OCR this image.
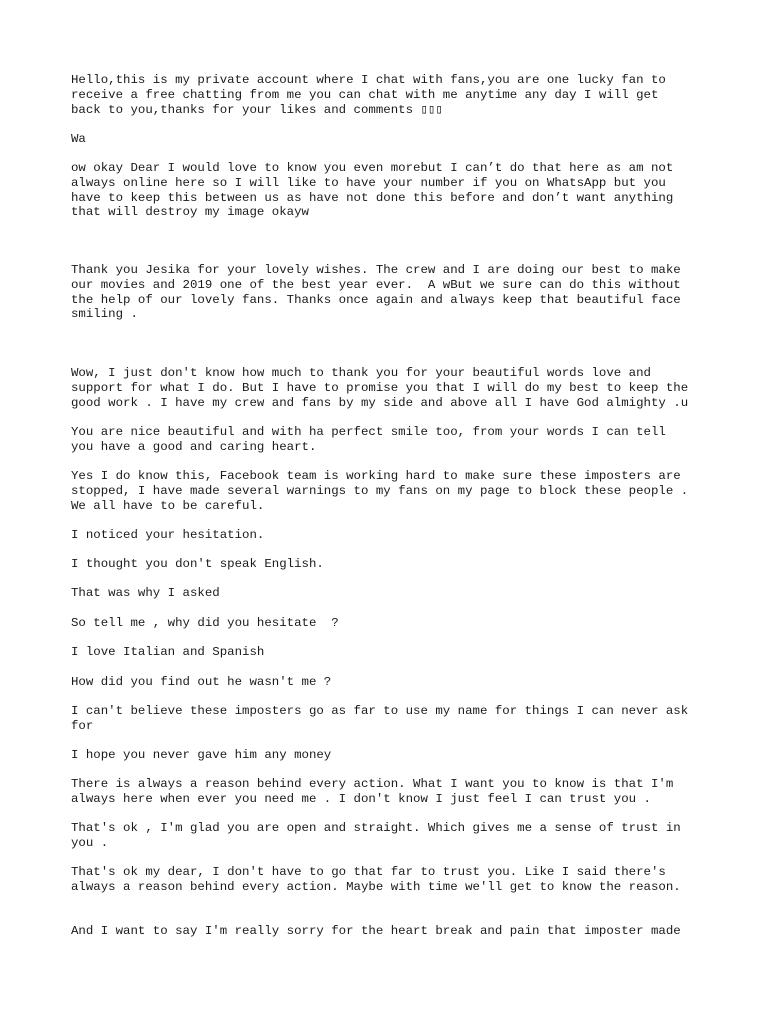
Hello,this is my private account where I chat with fans,you are one lucky fan to
receive a free chatting from me you can chat with me anytime any day I will get
back to you,thanks for your likes and comments ▯▯▯

Wa

ow okay Dear I would love to know you even morebut I can’t do that here as am not
always online here so I will like to have your number if you on WhatsApp but you
have to keep this between us as have not done this before and don’t want anything
that will destroy my image okayw

Thank you Jesika for your lovely wishes. The crew and I are doing our best to make
our movies and 2019 one of the best year ever.  A wBut we sure can do this without
the help of our lovely fans. Thanks once again and always keep that beautiful face
smiling .

Wow, I just don't know how much to thank you for your beautiful words love and
support for what I do. But I have to promise you that I will do my best to keep the
good work . I have my crew and fans by my side and above all I have God almighty .u

You are nice beautiful and with ha perfect smile too, from your words I can tell
you have a good and caring heart.

Yes I do know this, Facebook team is working hard to make sure these imposters are
stopped, I have made several warnings to my fans on my page to block these people .
We all have to be careful.

I noticed your hesitation.

I thought you don't speak English.

That was why I asked

So tell me , why did you hesitate  ?

I love Italian and Spanish

How did you find out he wasn't me ?

I can't believe these imposters go as far to use my name for things I can never ask
for

I hope you never gave him any money

There is always a reason behind every action. What I want you to know is that I'm
always here when ever you need me . I don't know I just feel I can trust you .

That's ok , I'm glad you are open and straight. Which gives me a sense of trust in
you .

That's ok my dear, I don't have to go that far to trust you. Like I said there's
always a reason behind every action. Maybe with time we'll get to know the reason.

And I want to say I'm really sorry for the heart break and pain that imposter made
